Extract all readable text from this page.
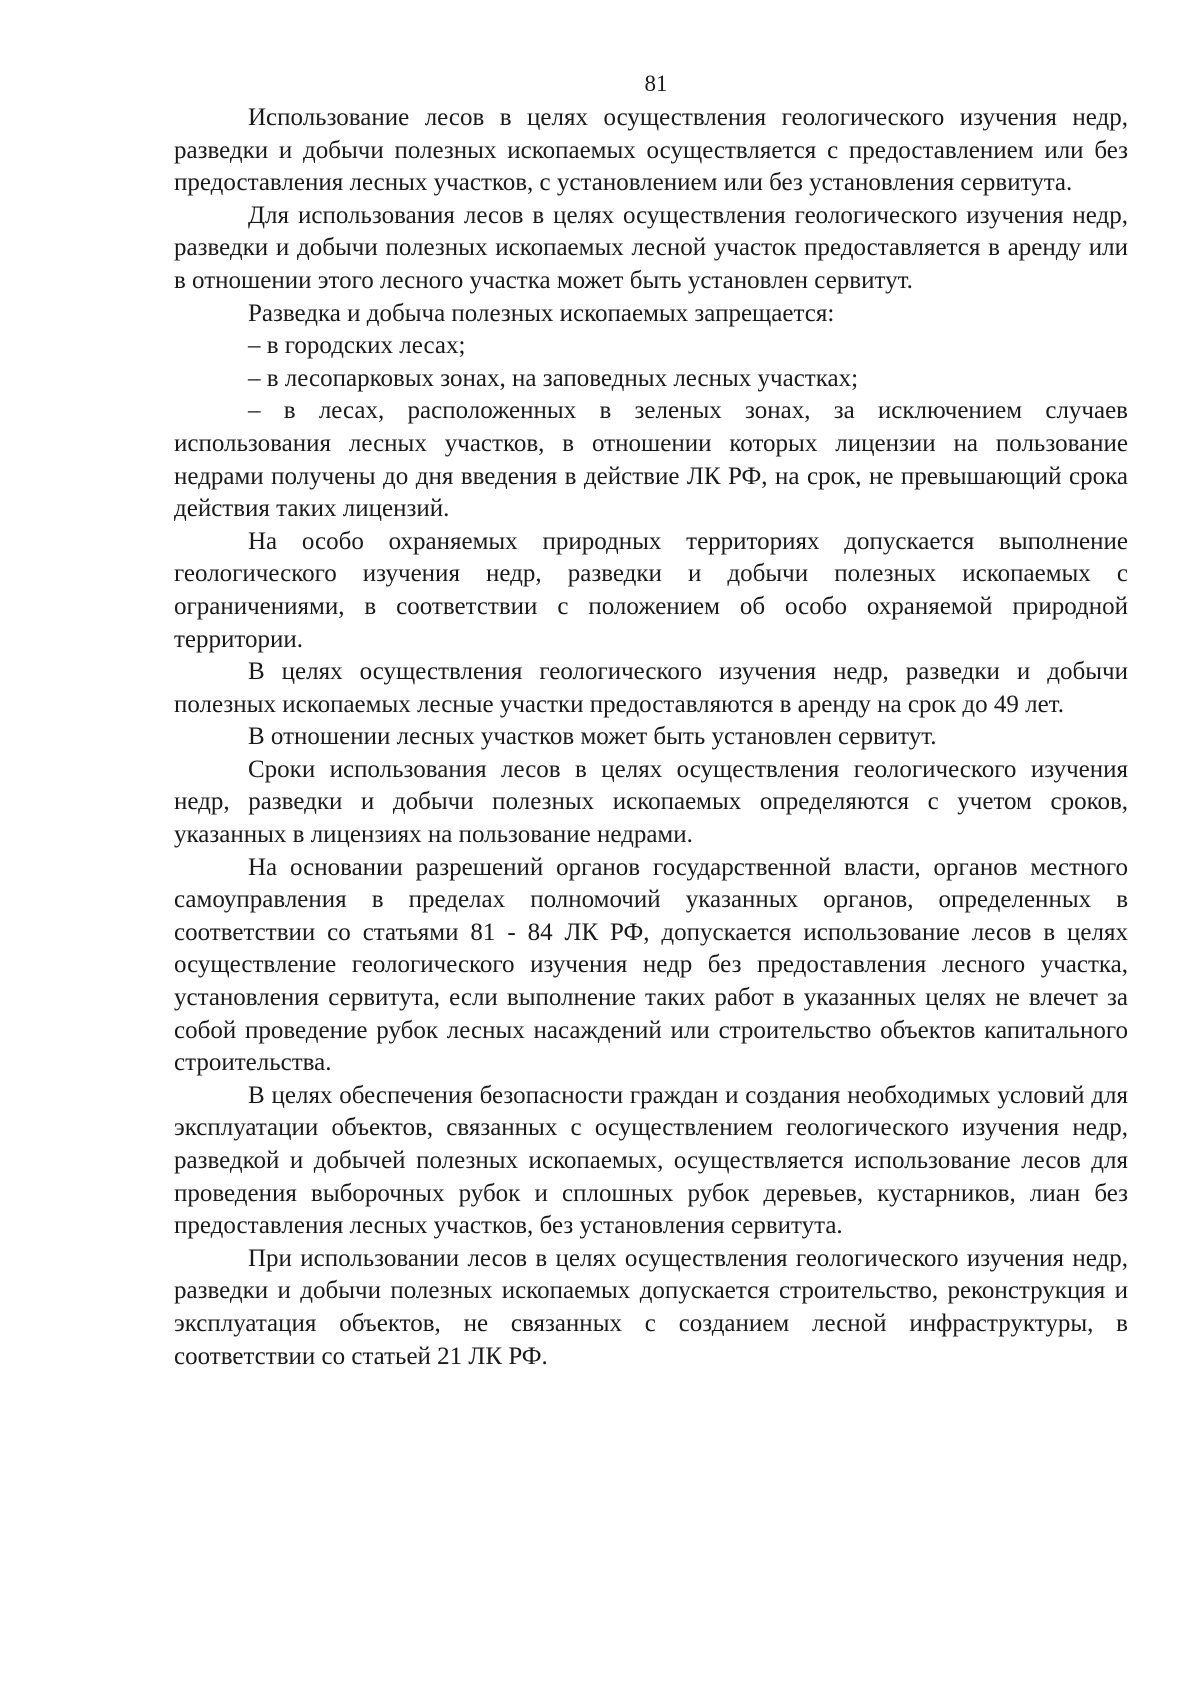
81

Использование лесов в целях осуществления геологического изучения недр, разведки и добычи полезных ископаемых осуществляется с предоставлением или без предоставления лесных участков, с установлением или без установления сервитута.

Для использования лесов в целях осуществления геологического изучения недр, разведки и добычи полезных ископаемых лесной участок предоставляется в аренду или в отношении этого лесного участка может быть установлен сервитут.

Разведка и добыча полезных ископаемых запрещается:

– в городских лесах;

– в лесопарковых зонах, на заповедных лесных участках;

– в лесах, расположенных в зеленых зонах, за исключением случаев использования лесных участков, в отношении которых лицензии на пользование недрами получены до дня введения в действие ЛК РФ, на срок, не превышающий срока действия таких лицензий.

На особо охраняемых природных территориях допускается выполнение геологического изучения недр, разведки и добычи полезных ископаемых с ограничениями, в соответствии с положением об особо охраняемой природной территории.

В целях осуществления геологического изучения недр, разведки и добычи полезных ископаемых лесные участки предоставляются в аренду на срок до 49 лет.

В отношении лесных участков может быть установлен сервитут.

Сроки использования лесов в целях осуществления геологического изучения недр, разведки и добычи полезных ископаемых определяются с учетом сроков, указанных в лицензиях на пользование недрами.

На основании разрешений органов государственной власти, органов местного самоуправления в пределах полномочий указанных органов, определенных в соответствии со статьями 81 - 84 ЛК РФ, допускается использование лесов в целях осуществление геологического изучения недр без предоставления лесного участка, установления сервитута, если выполнение таких работ в указанных целях не влечет за собой проведение рубок лесных насаждений или строительство объектов капитального строительства.

В целях обеспечения безопасности граждан и создания необходимых условий для эксплуатации объектов, связанных с осуществлением геологического изучения недр, разведкой и добычей полезных ископаемых, осуществляется использование лесов для проведения выборочных рубок и сплошных рубок деревьев, кустарников, лиан без предоставления лесных участков, без установления сервитута.

При использовании лесов в целях осуществления геологического изучения недр, разведки и добычи полезных ископаемых допускается строительство, реконструкция и эксплуатация объектов, не связанных с созданием лесной инфраструктуры, в соответствии со статьей 21 ЛК РФ.
